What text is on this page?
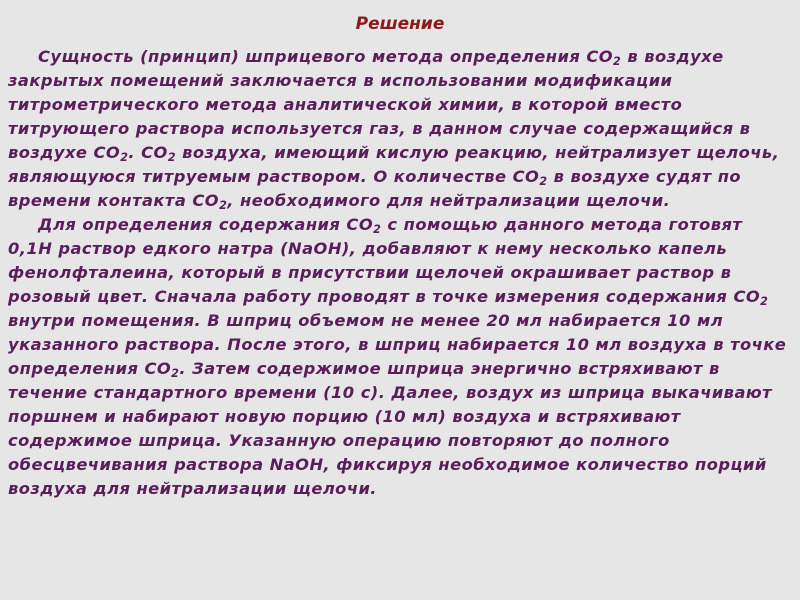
Решение

Сущность (принцип) шприцевого метода определения $СО_2$ в воздухе закрытых помещений заключается в использовании модификации титрометрического метода аналитической химии, в которой вместо титрующего раствора используется газ, в данном случае содержащийся в воздухе $СО_2$. $СО_2$ воздуха, имеющий кислую реакцию, нейтрализует щелочь, являющуюся титруемым раствором. О количестве $СО_2$ в воздухе судят по времени контакта $СО_2$, необходимого для нейтрализации щелочи.

Для определения содержания $СО_2$ с помощью данного метода готовят 0,1Н раствор едкого натра (NaOH), добавляют к нему несколько капель фенолфталеина, который в присутствии щелочей окрашивает раствор в розовый цвет. Сначала работу проводят в точке измерения содержания $СО_2$ внутри помещения. В шприц объемом не менее 20 мл набирается 10 мл указанного раствора. После этого, в шприц набирается 10 мл воздуха в точке определения $СО_2$. Затем содержимое шприца энергично встряхивают в течение стандартного времени (10 с). Далее, воздух из шприца выкачивают поршнем и набирают новую порцию (10 мл) воздуха и встряхивают содержимое шприца. Указанную операцию повторяют до полного обесцвечивания раствора NaOH, фиксируя необходимое количество порций воздуха для нейтрализации щелочи.
